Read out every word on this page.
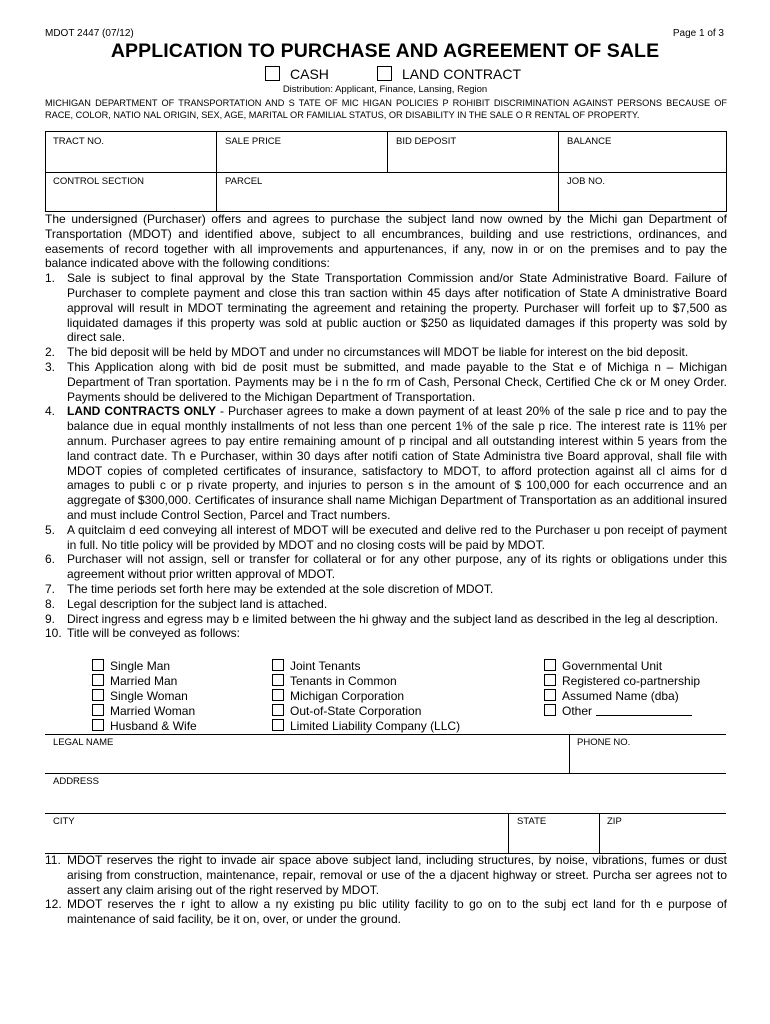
MDOT 2447 (07/12)	Page 1 of 3
APPLICATION TO PURCHASE AND AGREEMENT OF SALE
CASH	LAND CONTRACT
Distribution: Applicant, Finance, Lansing, Region
MICHIGAN DEPARTMENT OF TRANSPORTATION AND S TATE OF MIC HIGAN POLICIES P ROHIBIT DISCRIMINATION AGAINST PERSONS BECAUSE OF RACE, COLOR, NATIO NAL ORIGIN, SEX, AGE, MARITAL OR FAMILIAL STATUS, OR DISABILITY IN THE SALE O R RENTAL OF PROPERTY.
TRACT NO.	SALE PRICE	BID DEPOSIT	BALANCE
CONTROL SECTION	PARCEL	JOB NO.
The undersigned (Purchaser) offers and agrees to purchase the subject land now owned by the Michi gan Department of Transportation (MDOT) and identified above, subject to all encumbrances, building and use restrictions, ordinances, and easements of record together with all improvements and appurtenances, if any, now in or on the premises and to pay the balance indicated above with the following conditions:
1. Sale is subject to final approval by the State Transportation Commission and/or State Administrative Board. Failure of Purchaser to complete payment and close this tran saction within 45 days after notification of State A dministrative Board approval will result in MDOT terminating the agreement and retaining the property. Purchaser will forfeit up to $7,500 as liquidated damages if this property was sold at public auction or $250 as liquidated damages if this property was sold by direct sale.
2. The bid deposit will be held by MDOT and under no circumstances will MDOT be liable for interest on the bid deposit.
3. This Application along with bid de posit must be submitted, and made payable to the Stat e of Michiga n – Michigan Department of Tran sportation. Payments may be i n the fo rm of Cash, Personal Check, Certified Che ck or M oney Order. Payments should be delivered to the Michigan Department of Transportation.
4. LAND CONTRACTS ONLY - Purchaser agrees to make a down payment of at least 20% of the sale p rice and to pay the balance due in equal monthly installments of not less than one percent 1% of the sale p rice. The interest rate is 11% per annum. Purchaser agrees to pay entire remaining amount of p rincipal and all outstanding interest within 5 years from the land contract date. Th e Purchaser, within 30 days after notifi cation of State Administra tive Board approval, shall file with MDOT copies of completed certificates of insurance, satisfactory to MDOT, to afford protection against all cl aims for d amages to publi c or p rivate property, and injuries to person s in the amount of $ 100,000 for each occurrence and an aggregate of $300,000. Certificates of insurance shall name Michigan Department of Transportation as an additional insured and must include Control Section, Parcel and Tract numbers.
5. A quitclaim d eed conveying all interest of MDOT will be executed and delive red to the Purchaser u pon receipt of payment in full. No title policy will be provided by MDOT and no closing costs will be paid by MDOT.
6. Purchaser will not assign, sell or transfer for collateral or for any other purpose, any of its rights or obligations under this agreement without prior written approval of MDOT.
7. The time periods set forth here may be extended at the sole discretion of MDOT.
8. Legal description for the subject land is attached.
9. Direct ingress and egress may b e limited between the hi ghway and the subject land as described in the leg al description.
10. Title will be conveyed as follows:
Single Man
Married Man
Single Woman
Married Woman
Husband & Wife
Joint Tenants
Tenants in Common
Michigan Corporation
Out-of-State Corporation
Limited Liability Company (LLC)
Governmental Unit
Registered co-partnership
Assumed Name (dba)
Other
LEGAL NAME	PHONE NO.
ADDRESS
CITY	STATE	ZIP
11. MDOT reserves the right to invade air space above subject land, including structures, by noise, vibrations, fumes or dust arising from construction, maintenance, repair, removal or use of the a djacent highway or street. Purcha ser agrees not to assert any claim arising out of the right reserved by MDOT.
12. MDOT reserves the r ight to allow a ny existing pu blic utility facility to go on to the subj ect land for th e purpose of maintenance of said facility, be it on, over, or under the ground.
